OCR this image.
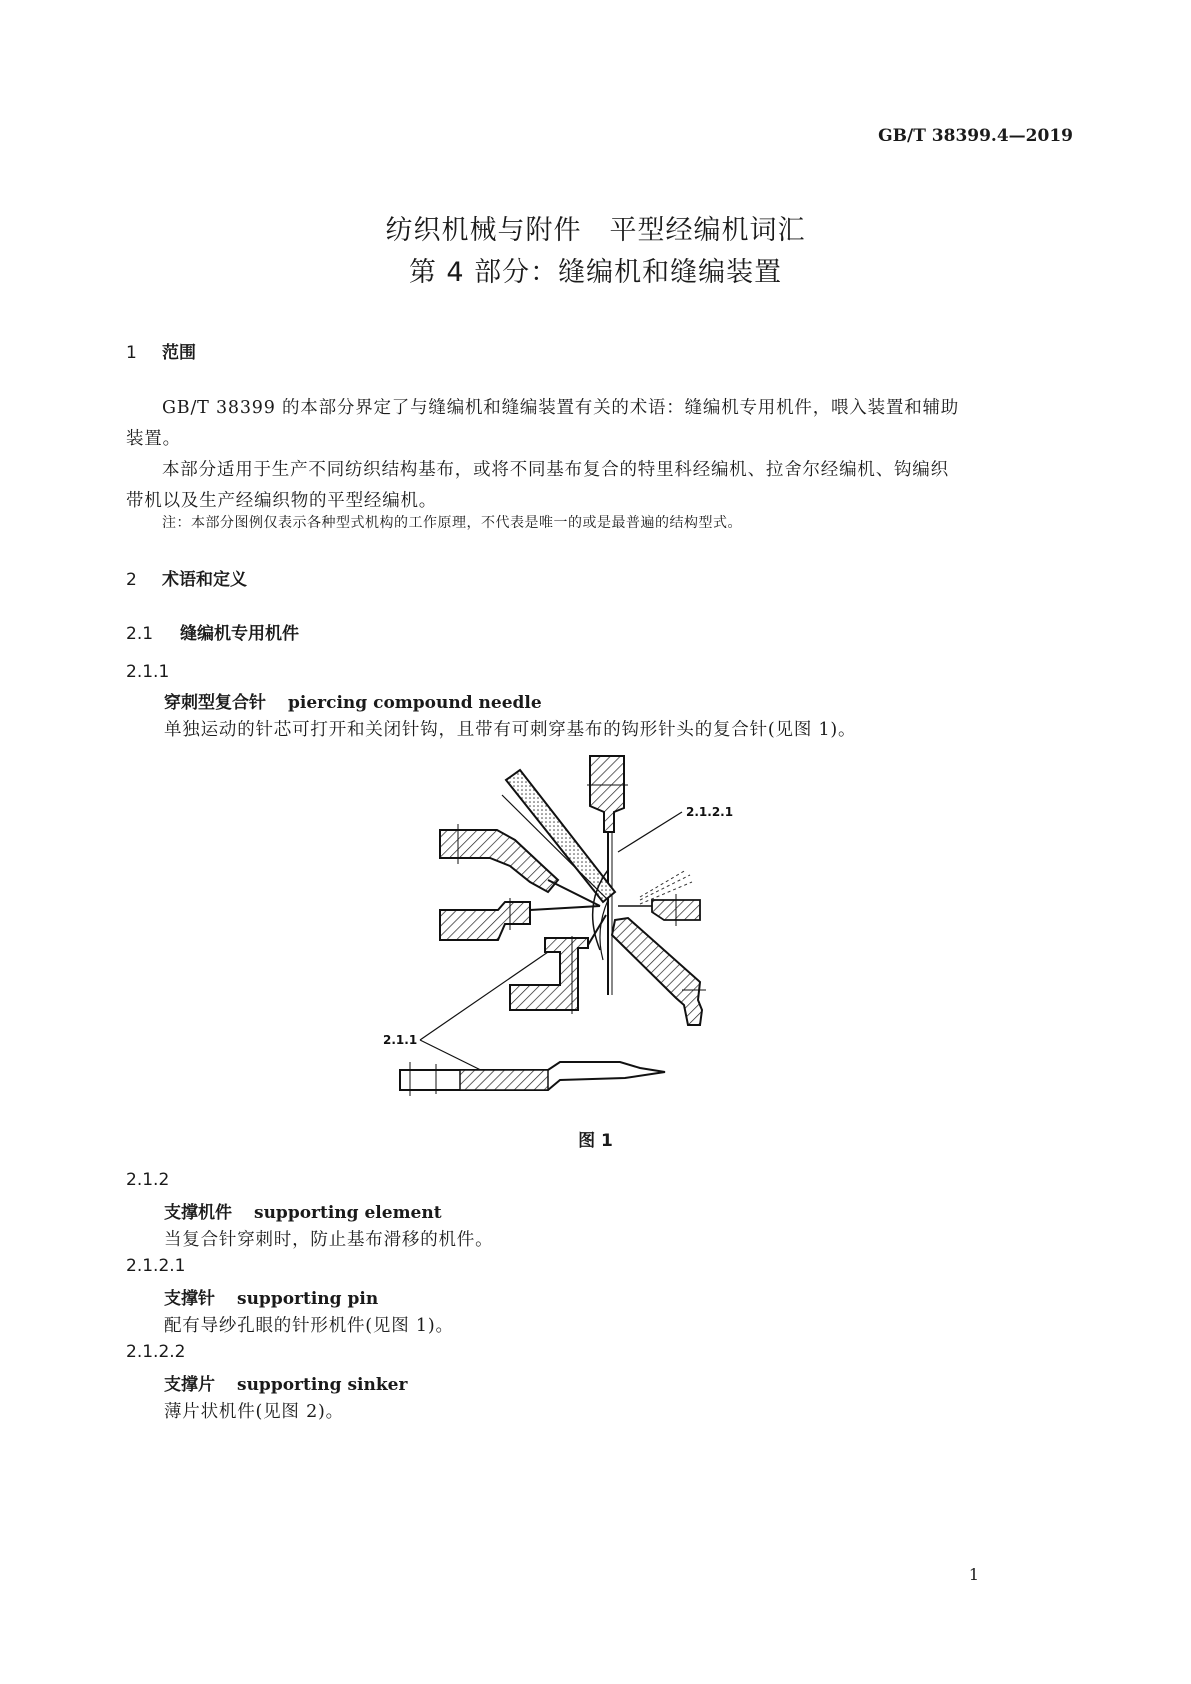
GB/T 38399.4—2019
纺织机械与附件　平型经编机词汇
第 4 部分：缝编机和缝编装置
1 范围
GB/T 38399 的本部分界定了与缝编机和缝编装置有关的术语：缝编机专用机件，喂入装置和辅助
装置。
本部分适用于生产不同纺织结构基布，或将不同基布复合的特里科经编机、拉舍尔经编机、钩编织
带机以及生产经编织物的平型经编机。
注：本部分图例仅表示各种型式机构的工作原理，不代表是唯一的或是最普遍的结构型式。
2 术语和定义
2.1 缝编机专用机件
2.1.1
穿刺型复合针 piercing compound needle
单独运动的针芯可打开和关闭针钩，且带有可刺穿基布的钩形针头的复合针(见图 1)。
2.1.2.1
2.1.1
图 1
2.1.2
支撑机件 supporting element
当复合针穿刺时，防止基布滑移的机件。
2.1.2.1
支撑针 supporting pin
配有导纱孔眼的针形机件(见图 1)。
2.1.2.2
支撑片 supporting sinker
薄片状机件(见图 2)。
1
